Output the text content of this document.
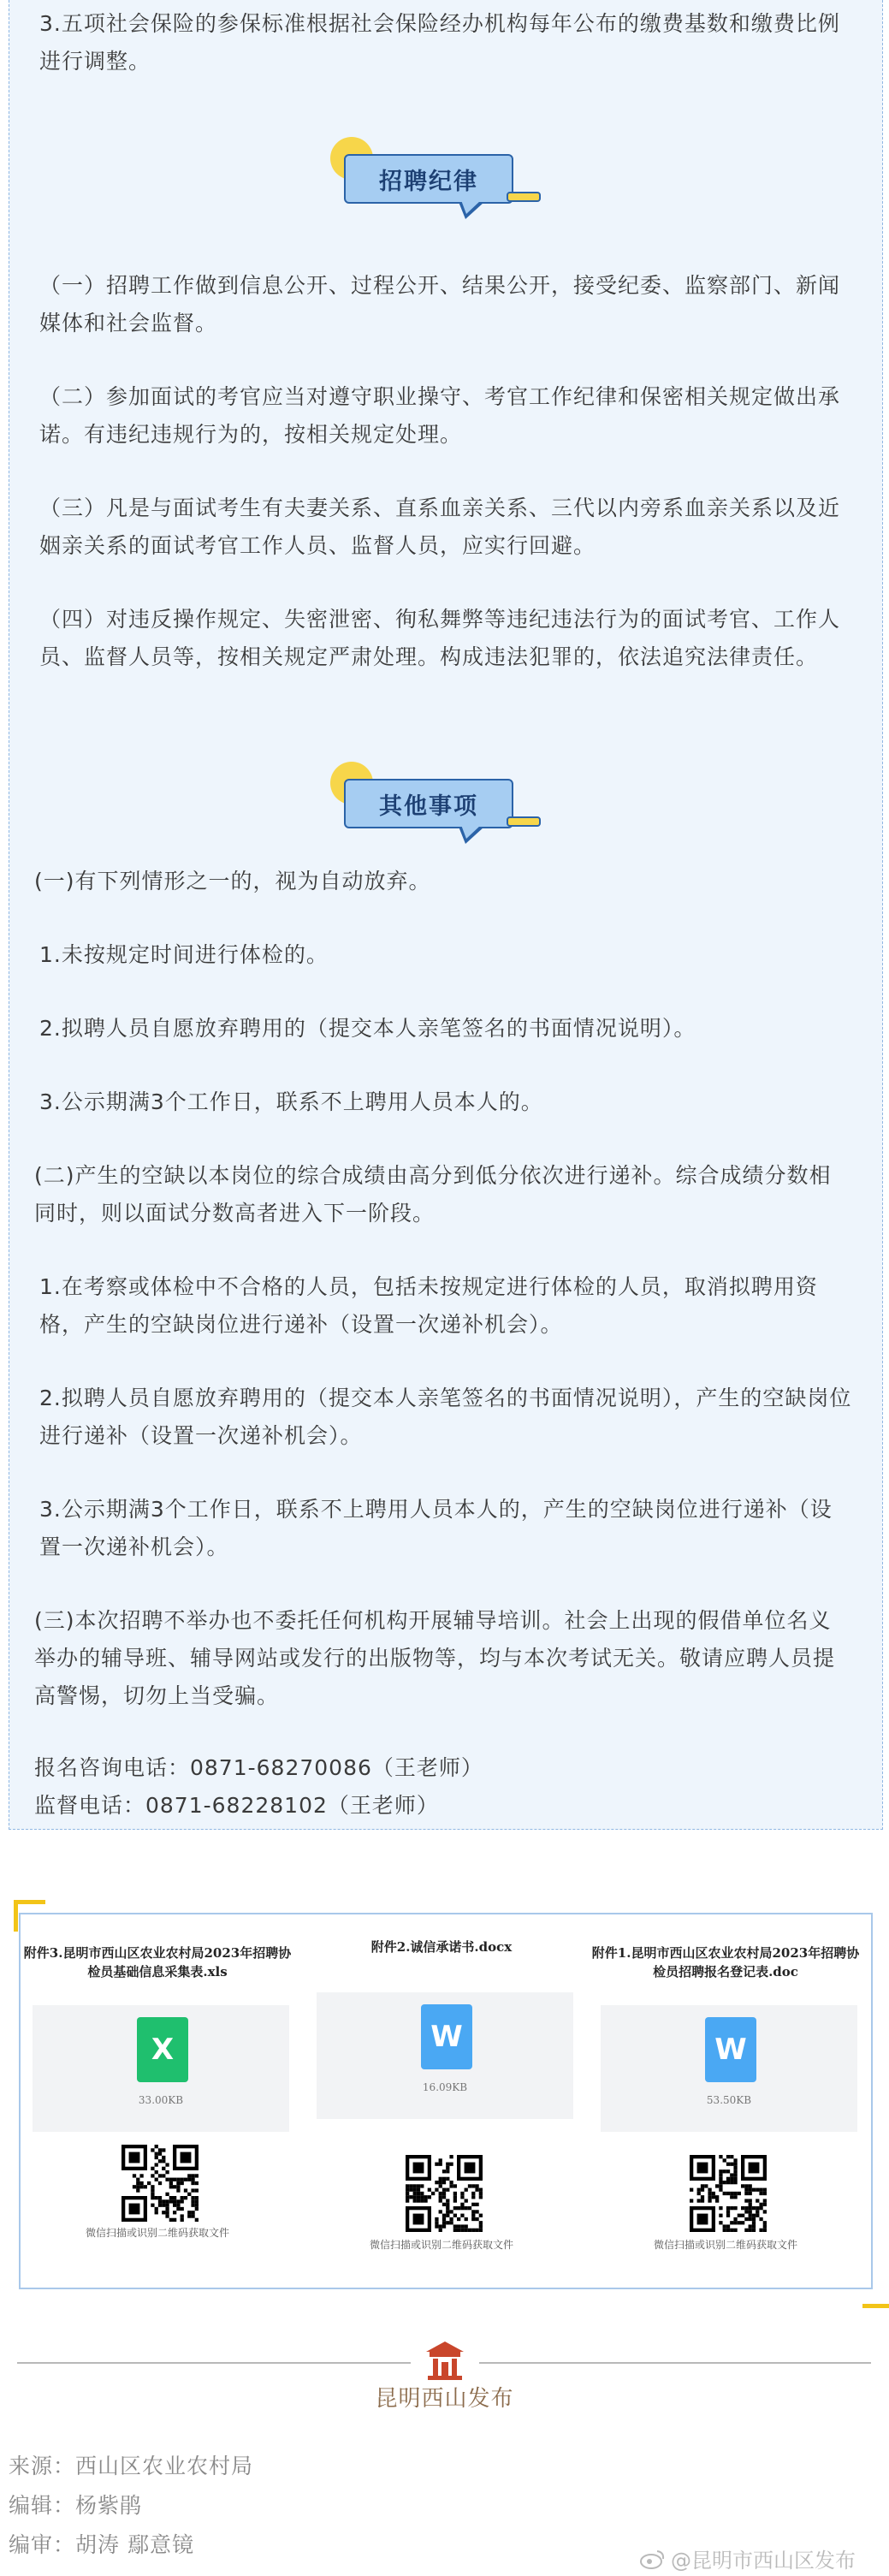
3.五项社会保险的参保标准根据社会保险经办机构每年公布的缴费基数和缴费比例进行调整。

招聘纪律

（一）招聘工作做到信息公开、过程公开、结果公开，接受纪委、监察部门、新闻媒体和社会监督。

（二）参加面试的考官应当对遵守职业操守、考官工作纪律和保密相关规定做出承诺。有违纪违规行为的，按相关规定处理。

（三）凡是与面试考生有夫妻关系、直系血亲关系、三代以内旁系血亲关系以及近姻亲关系的面试考官工作人员、监督人员，应实行回避。

（四）对违反操作规定、失密泄密、徇私舞弊等违纪违法行为的面试考官、工作人员、监督人员等，按相关规定严肃处理。构成违法犯罪的，依法追究法律责任。

其他事项

(一)有下列情形之一的，视为自动放弃。

1.未按规定时间进行体检的。

2.拟聘人员自愿放弃聘用的（提交本人亲笔签名的书面情况说明）。

3.公示期满3个工作日，联系不上聘用人员本人的。

(二)产生的空缺以本岗位的综合成绩由高分到低分依次进行递补。综合成绩分数相同时，则以面试分数高者进入下一阶段。

1.在考察或体检中不合格的人员，包括未按规定进行体检的人员，取消拟聘用资格，产生的空缺岗位进行递补（设置一次递补机会）。

2.拟聘人员自愿放弃聘用的（提交本人亲笔签名的书面情况说明），产生的空缺岗位进行递补（设置一次递补机会）。

3.公示期满3个工作日，联系不上聘用人员本人的，产生的空缺岗位进行递补（设置一次递补机会）。

(三)本次招聘不举办也不委托任何机构开展辅导培训。社会上出现的假借单位名义举办的辅导班、辅导网站或发行的出版物等，均与本次考试无关。敬请应聘人员提高警惕，切勿上当受骗。

报名咨询电话：0871-68270086（王老师）

监督电话：0871-68228102（王老师）

附件3.昆明市西山区农业农村局2023年招聘协检员基础信息采集表.xls
X
33.00KB
微信扫描或识别二维码获取文件
附件2.诚信承诺书.docx
W
16.09KB
微信扫描或识别二维码获取文件
附件1.昆明市西山区农业农村局2023年招聘协检员招聘报名登记表.doc
W
53.50KB
微信扫描或识别二维码获取文件
昆明西山发布
来源：西山区农业农村局
编辑：杨紫鹃
编审：胡涛 鄢意镜
@昆明市西山区发布
